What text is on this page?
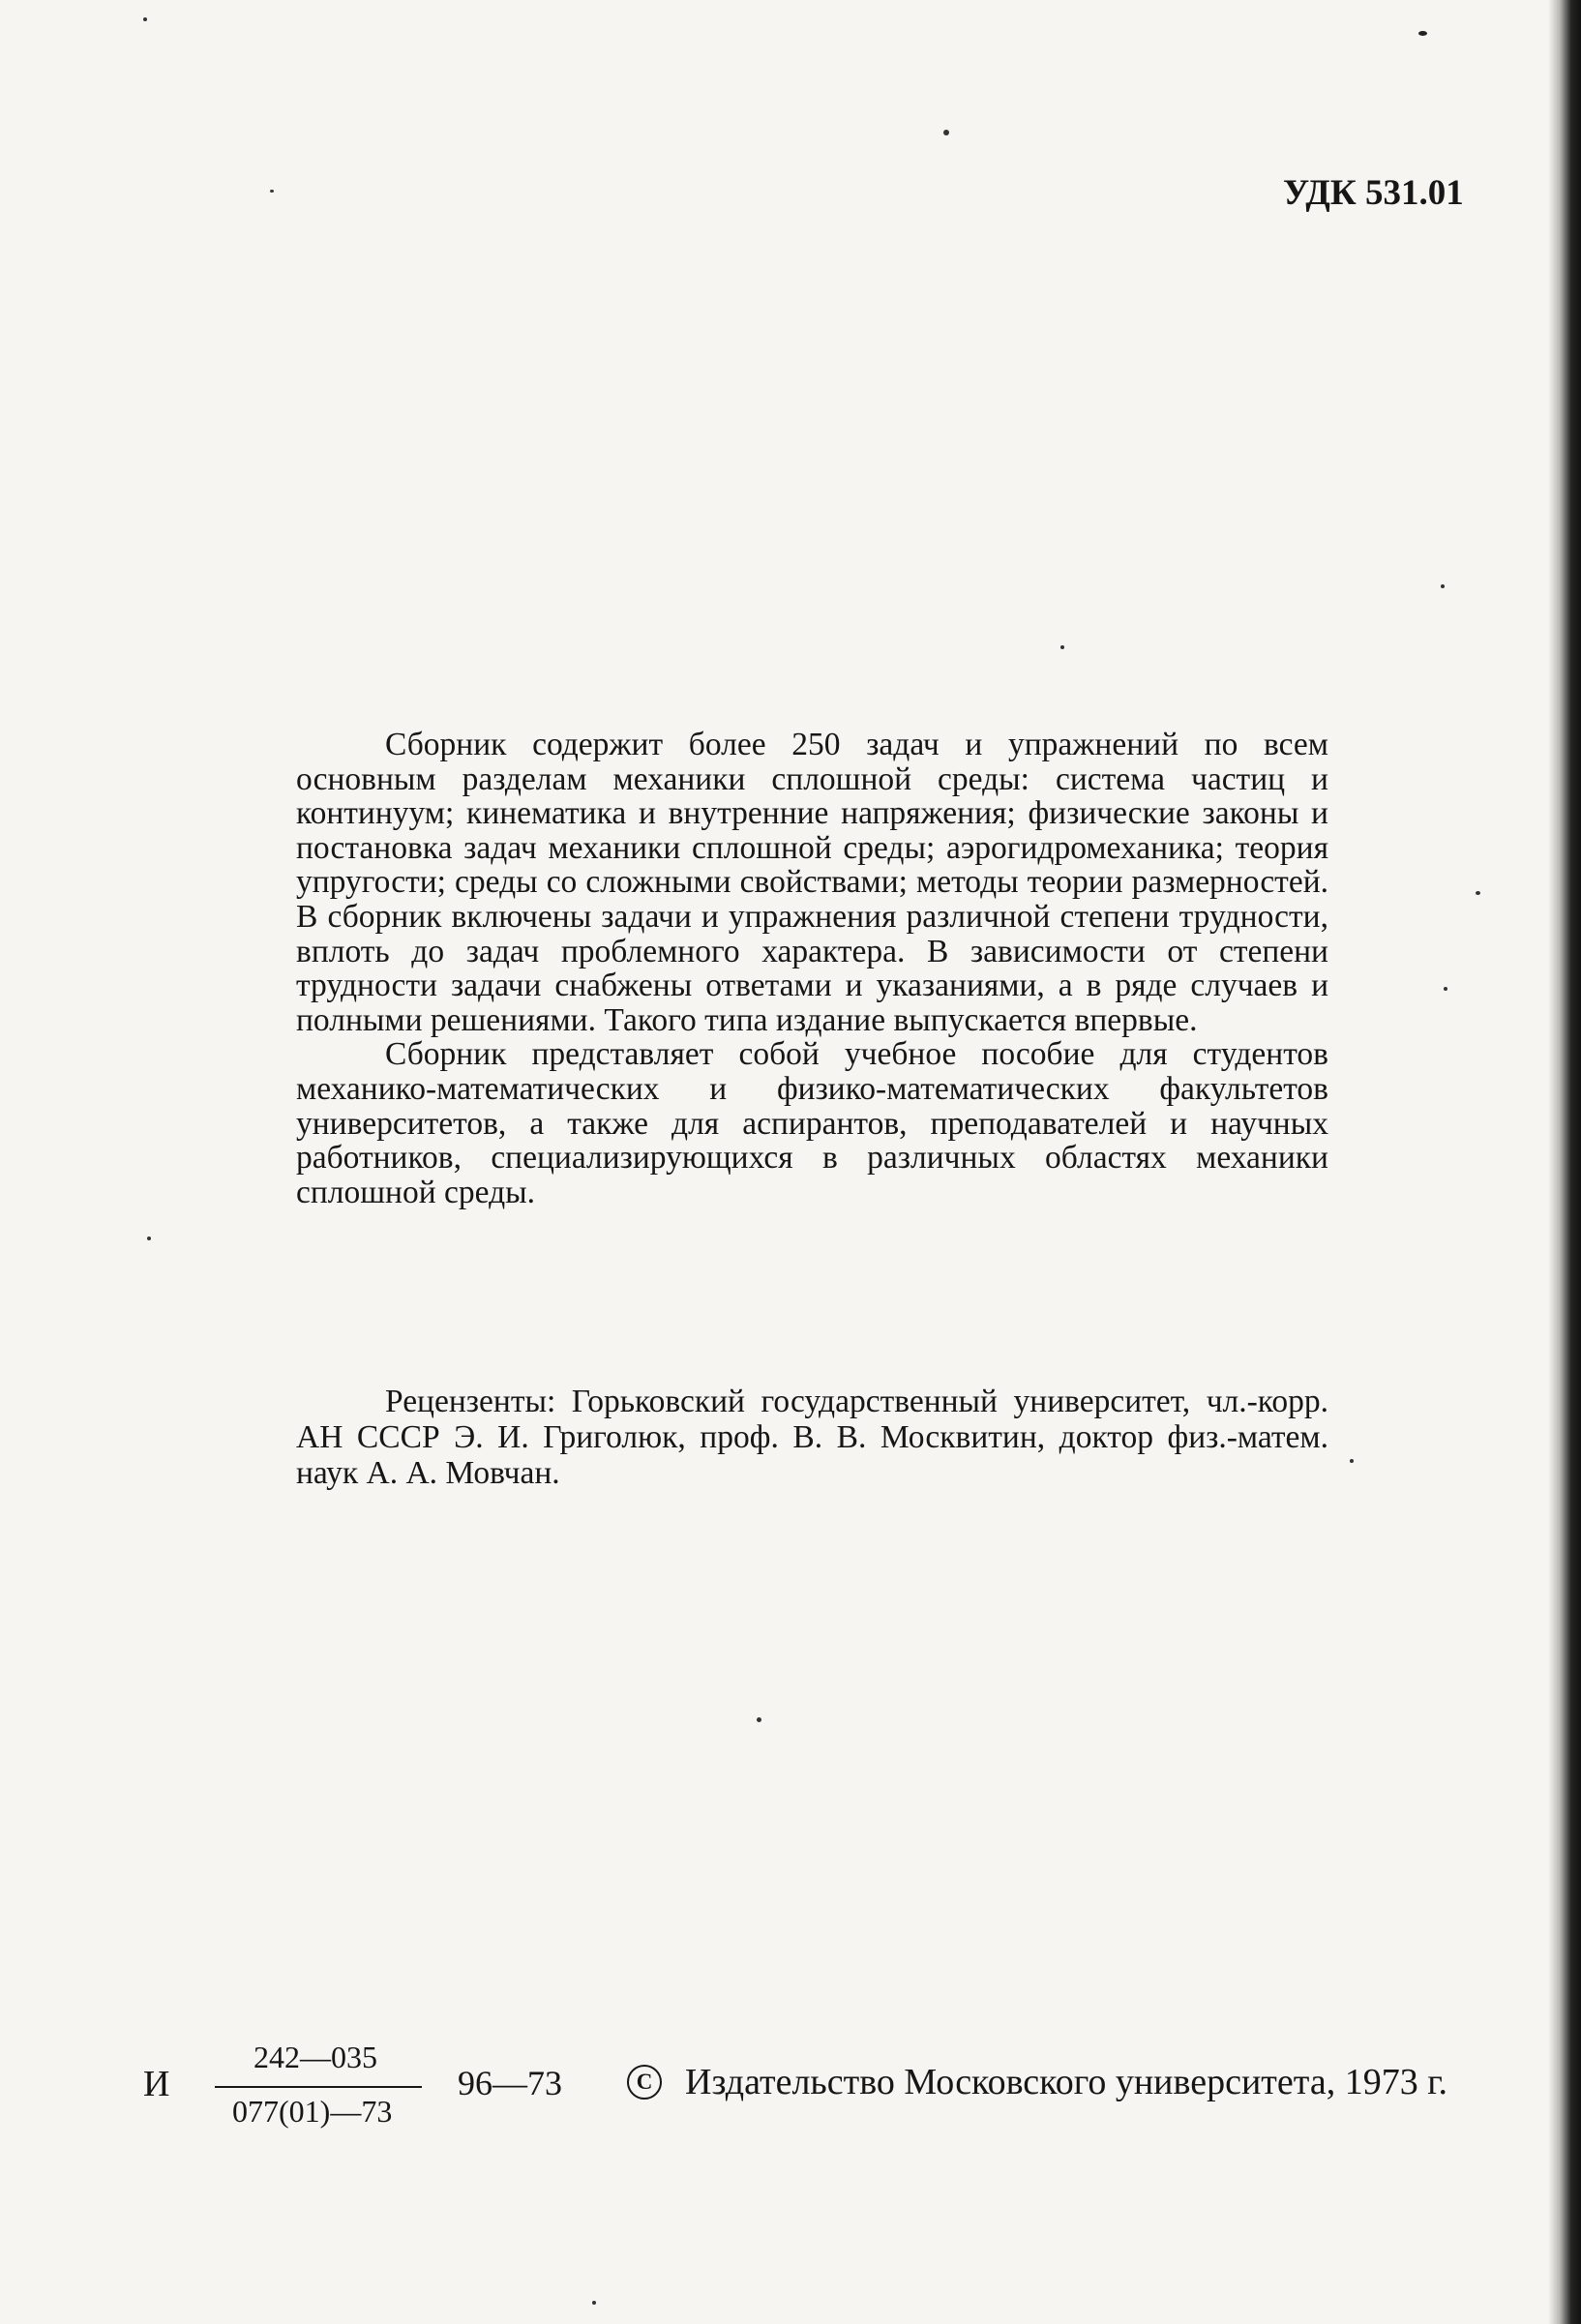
УДК 531.01

Сборник содержит более 250 задач и упражнений по всем основным разделам механики сплошной среды: система частиц и континуум; кинематика и внутренние напряжения; физические законы и постановка задач механики сплошной среды; аэрогидромеханика; теория упругости; среды со сложными свойствами; методы теории размерностей. В сборник включены задачи и упражнения различной степени трудности, вплоть до задач проблемного характера. В зависимости от степени трудности задачи снабжены ответами и указаниями, а в ряде случаев и полными решениями. Такого типа издание выпускается впервые.

Сборник представляет собой учебное пособие для студентов механико-математических и физико-математических факультетов университетов, а также для аспирантов, преподавателей и научных работников, специализирующихся в различных областях механики сплошной среды.

Рецензенты: Горьковский государственный университет, чл.-корр. АН СССР Э. И. Григолюк, проф. В. В. Москвитин, доктор физ.-матем. наук А. А. Мовчан.

И
242—035
077(01)—73
96—73	C Издательство Московского университета, 1973 г.
